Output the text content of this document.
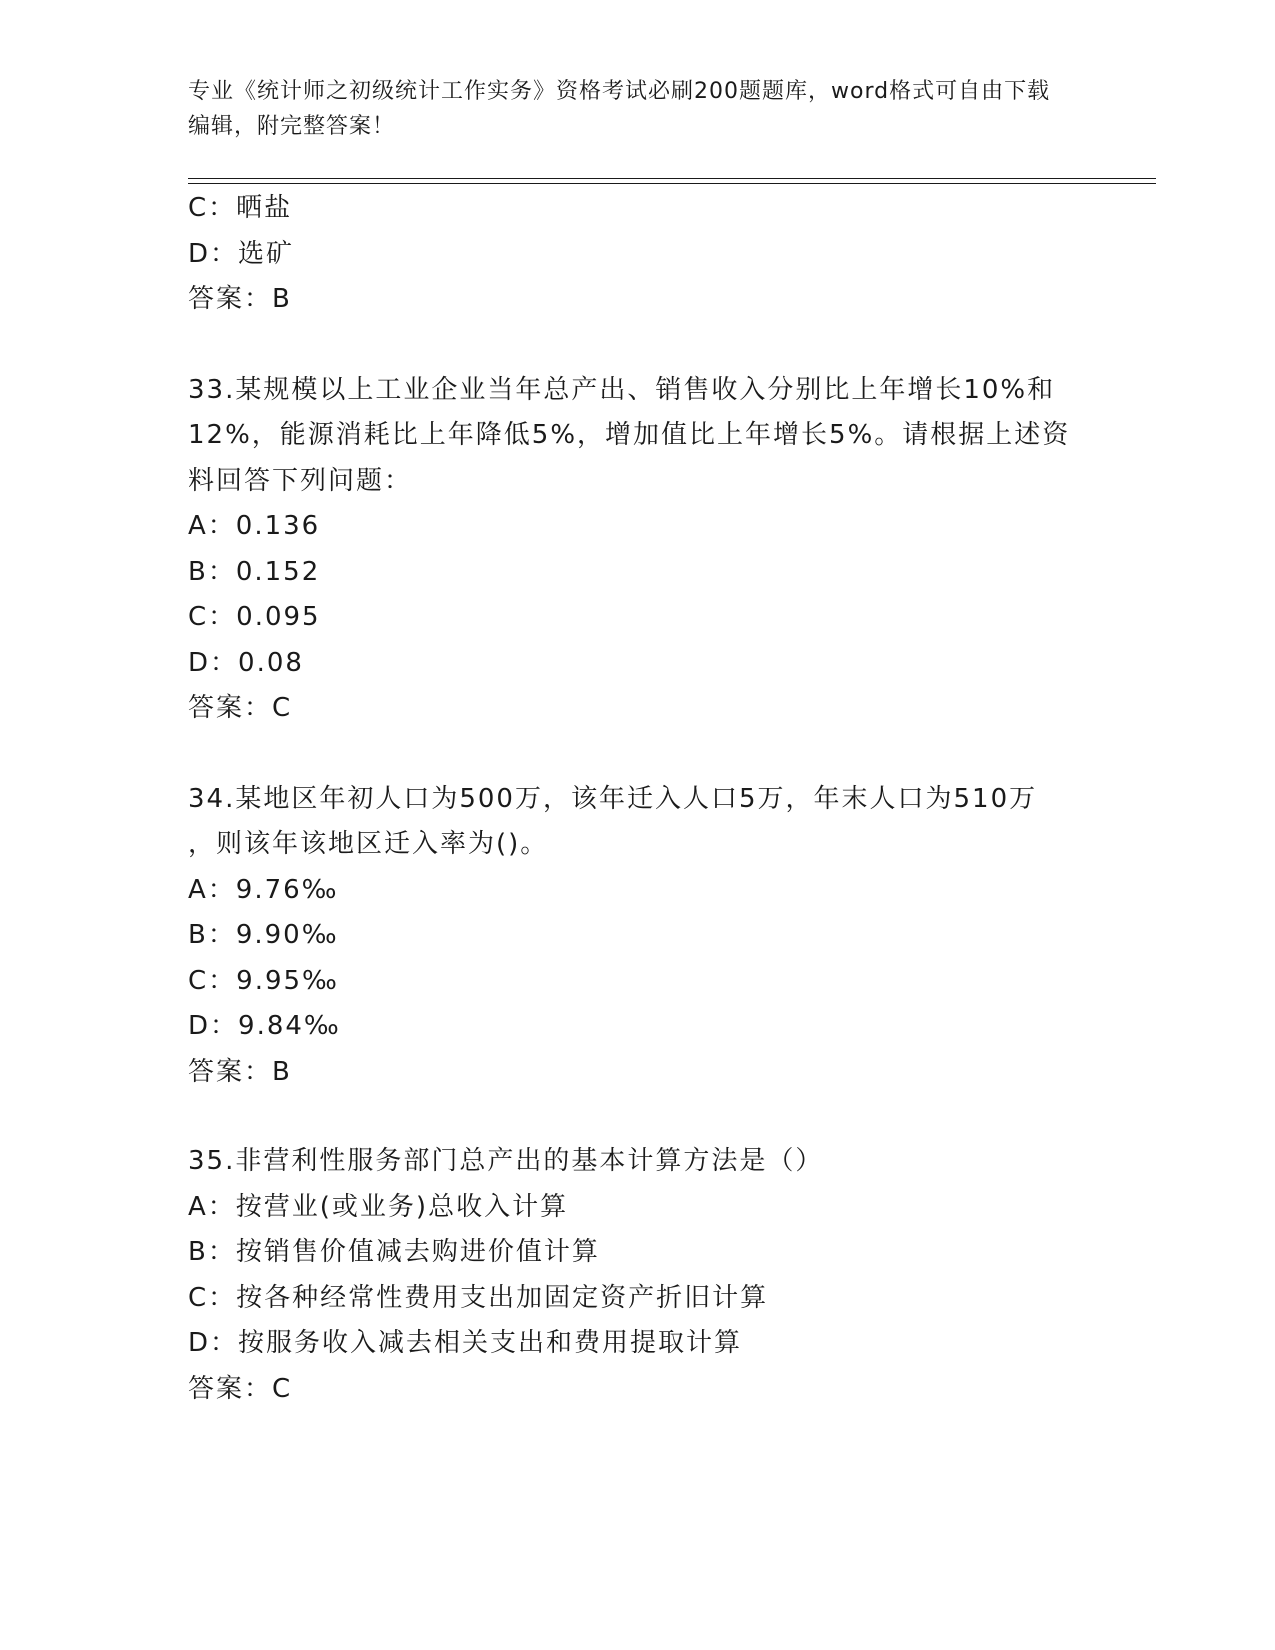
专业《统计师之初级统计工作实务》资格考试必刷200题题库，word格式可自由下载编辑，附完整答案！
C：晒盐
D：选矿
答案：B
33.某规模以上工业企业当年总产出、销售收入分别比上年增长10%和
12%，能源消耗比上年降低5%，增加值比上年增长5%。请根据上述资
料回答下列问题：
A：0.136
B：0.152
C：0.095
D：0.08
答案：C
34.某地区年初人口为500万，该年迁入人口5万，年末人口为510万
，则该年该地区迁入率为()。
A：9.76‰
B：9.90‰
C：9.95‰
D：9.84‰
答案：B
35.非营利性服务部门总产出的基本计算方法是（）
A：按营业(或业务)总收入计算
B：按销售价值减去购进价值计算
C：按各种经常性费用支出加固定资产折旧计算
D：按服务收入减去相关支出和费用提取计算
答案：C
